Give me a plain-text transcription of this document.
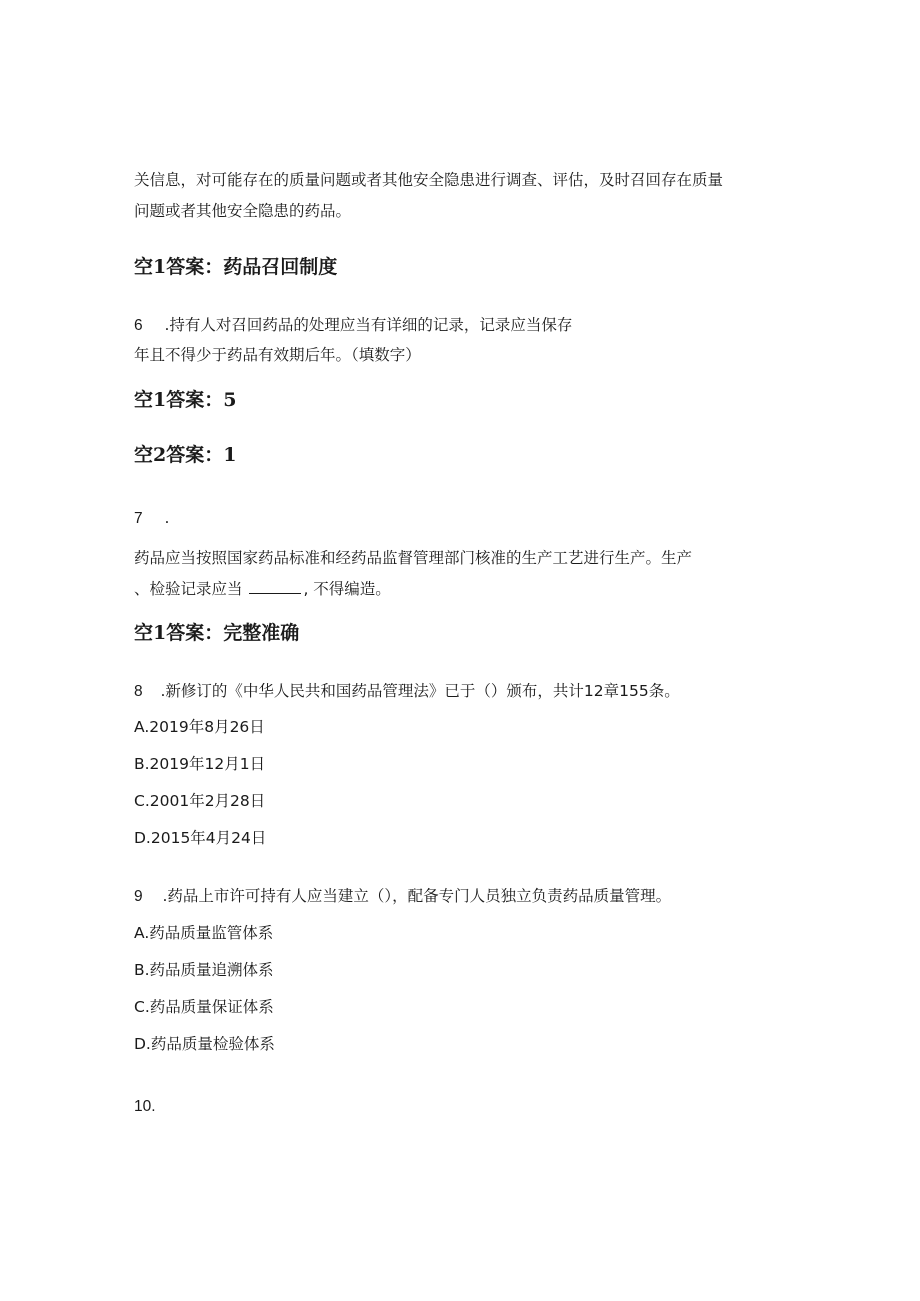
关信息，对可能存在的质量问题或者其他安全隐患进行调查、评估，及时召回存在质量
问题或者其他安全隐患的药品。
空1答案：药品召回制度
6 .持有人对召回药品的处理应当有详细的记录，记录应当保存
年且不得少于药品有效期后年。（填数字）
空1答案：5
空2答案：1
7 .
药品应当按照国家药品标准和经药品监督管理部门核准的生产工艺进行生产。生产
、检验记录应当	, 不得编造。
空1答案：完整准确
8 .新修订的《中华人民共和国药品管理法》已于（）颁布，共计12章155条。
A.2019年8月26日
B.2019年12月1日
C.2001年2月28日
D.2015年4月24日
9 .药品上市许可持有人应当建立（），配备专门人员独立负责药品质量管理。
A.药品质量监管体系
B.药品质量追溯体系
C.药品质量保证体系
D.药品质量检验体系
10.
